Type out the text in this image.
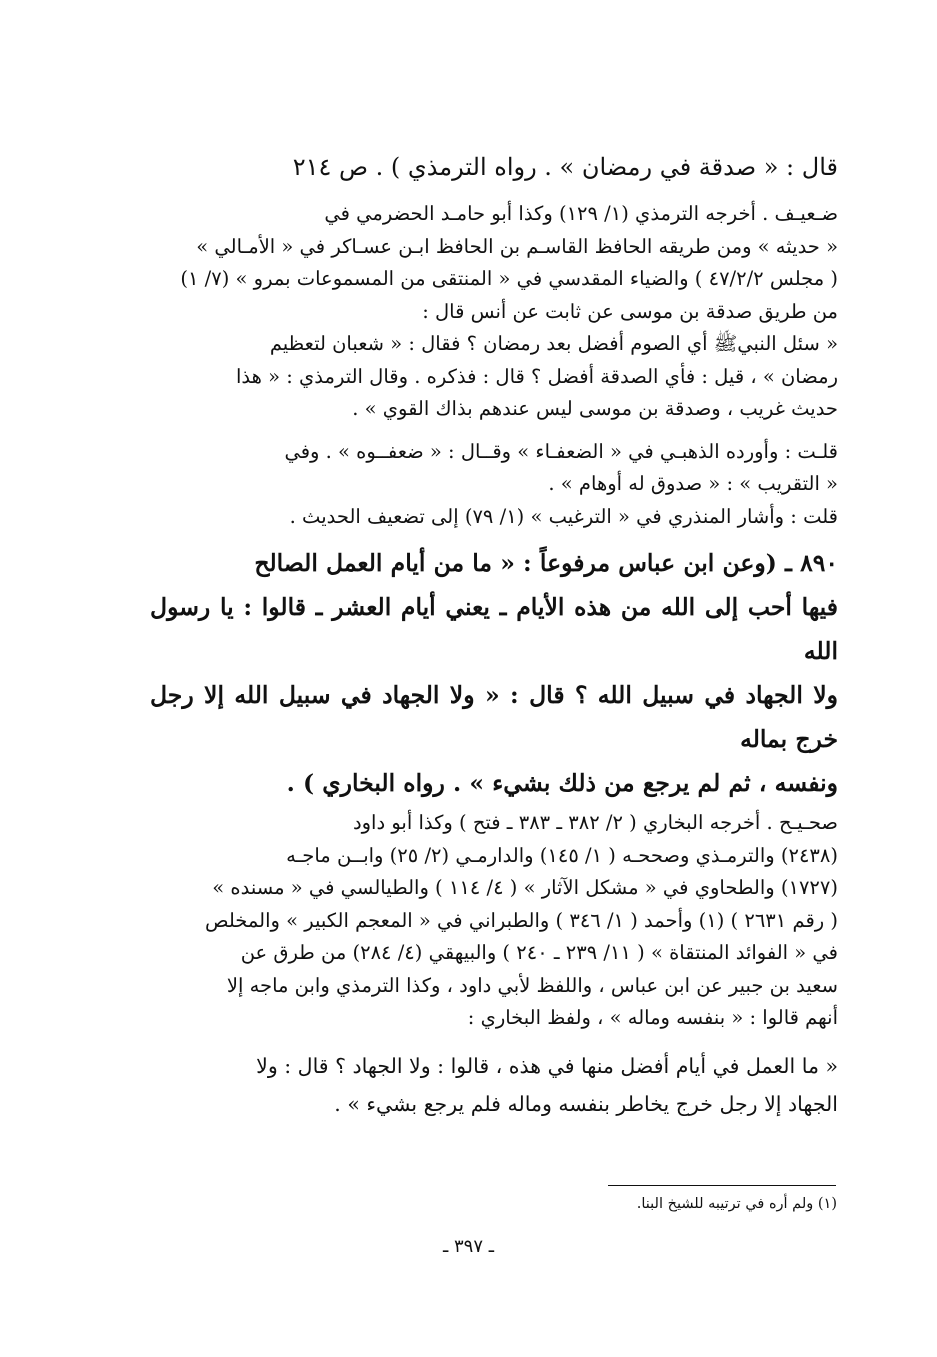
قال : « صدقة في رمضان » . رواه الترمذي ) . ص ٢١٤

ضـعيـف . أخرجه الترمذي (١/ ١٢٩) وكذا أبو حامـد الحضرمي في
« حديثه » ومن طريقه الحافظ القاسـم بن الحافظ ابـن عسـاكر في « الأمـالي »
( مجلس ٤٧/٢/٢ ) والضياء المقدسي في « المنتقى من المسموعات بمرو » (٧/ ١)
من طريق صدقة بن موسى عن ثابت عن أنس قال :
« سئل النبيﷺ أي الصوم أفضل بعد رمضان ؟ فقال : « شعبان لتعظيم
رمضان » ، قيل : فأي الصدقة أفضل ؟ قال : فذكره . وقال الترمذي : « هذا
حديث غريب ، وصدقة بن موسى ليس عندهم بذاك القوي » .
قلـت : وأورده الذهبـي في « الضعفـاء » وقــال : « ضعفــوه » . وفي
« التقريب » : « صدوق له أوهام » .
قلت : وأشار المنذري في « الترغيب » (١/ ٧٩) إلى تضعيف الحديث .
٨٩٠ ـ (وعن ابن عباس مرفوعاً : « ما من أيام العمل الصالح
فيها أحب إلى الله من هذه الأيام ـ يعني أيام العشر ـ قالوا : يا رسول الله
ولا الجهاد في سبيل الله ؟ قال : « ولا الجهاد في سبيل الله إلا رجل خرج بماله
ونفسه ، ثم لم يرجع من ذلك بشيء » . رواه البخاري ) .
صحـيـح . أخرجه البخاري ( ٢/ ٣٨٢ ـ ٣٨٣ ـ فتح ) وكذا أبو داود
(٢٤٣٨) والترمـذي وصححـه ( ١/ ١٤٥) والدارمـي (٢/ ٢٥) وابــن ماجـه
(١٧٢٧) والطحاوي في « مشكل الآثار » ( ٤/ ١١٤ ) والطيالسي في « مسنده »
( رقم ٢٦٣١ ) (١) وأحمد ( ١/ ٣٤٦ ) والطبراني في « المعجم الكبير » والمخلص
في « الفوائد المنتقاة » ( ١١/ ٢٣٩ ـ ٢٤٠ ) والبيهقي (٤/ ٢٨٤) من طرق عن
سعيد بن جبير عن ابن عباس ، واللفظ لأبي داود ، وكذا الترمذي وابن ماجه إلا
أنهم قالوا : « بنفسه وماله » ، ولفظ البخاري :
« ما العمل في أيام أفضل منها في هذه ، قالوا : ولا الجهاد ؟ قال : ولا
الجهاد إلا رجل خرج يخاطر بنفسه وماله فلم يرجع بشيء » .
(١) ولم أره في ترتيبه للشيخ البنا.
ـ ٣٩٧ ـ
